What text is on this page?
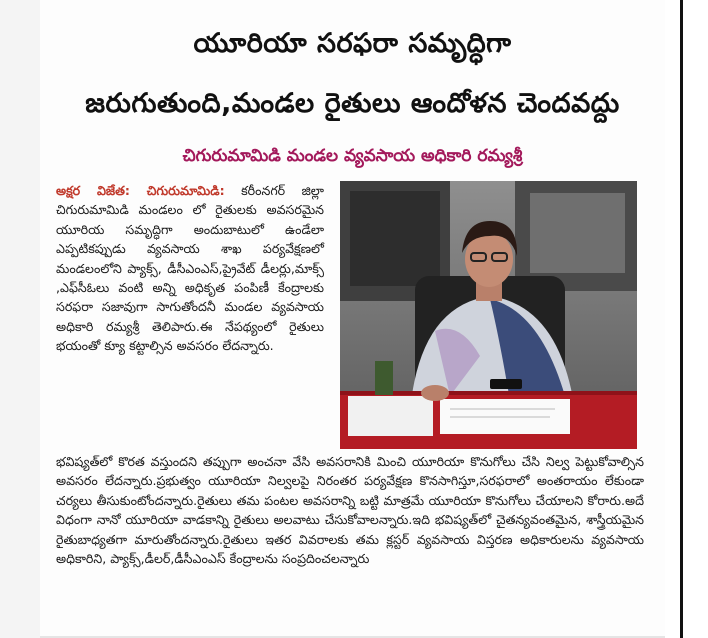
యూరియా సరఫరా సమృద్ధిగా
జరుగుతుంది,మండల రైతులు ఆందోళన చెందవద్దు
చిగురుమామిడి మండల వ్యవసాయ అధికారి రమ్యశ్రీ
అక్షర విజేత: చిగురుమామిడి: కరీంనగర్ జిల్లా చిగురుమామిడి మండలం లో రైతులకు అవసరమైన యూరియ సమృద్ధిగా అందుబాటులో ఉండేలా ఎప్పటికప్పుడు వ్యవసాయ శాఖ పర్యవేక్షణలో మండలంలోని ప్యాక్స్, డీసీఎంఎస్,ప్రైవేట్ డీలర్లు,మాక్స్ ,ఎఫ్‌సీఓలు వంటి అన్ని అధికృత పంపిణీ కేంద్రాలకు సరఫరా సజావుగా సాగుతోందనీ మండల వ్యవసాయ అధికారి రమ్యశ్రీ తెలిపారు.ఈ నేపథ్యంలో రైతులు భయంతో క్యూ కట్టాల్సిన అవసరం లేదన్నారు.
భవిష్యత్‌లో కొరత వస్తుందని తప్పుగా అంచనా వేసి అవసరానికి మించి యూరియా కొనుగోలు చేసి నిల్వ పెట్టుకోవాల్సిన అవసరం లేదన్నారు.ప్రభుత్వం యూరియా నిల్వలపై నిరంతర పర్యవేక్షణ కొనసాగిస్తూ,సరఫరాలో అంతరాయం లేకుండా చర్యలు తీసుకుంటోందన్నారు.రైతులు తమ పంటల అవసరాన్ని బట్టి మాత్రమే యూరియా కొనుగోలు చేయాలని కోరారు.అదే విధంగా నానో యూరియా వాడకాన్ని రైతులు అలవాటు చేసుకోవాలన్నారు.ఇది భవిష్యత్‌లో చైతన్యవంతమైన, శాస్త్రీయమైన రైతుబాధ్యతగా మారుతోందన్నారు.రైతులు ఇతర వివరాలకు తమ క్లస్టర్ వ్యవసాయ విస్తరణ అధికారులను వ్యవసాయ అధికారిని, ప్యాక్స్,డీలర్,డీసీఎంఎస్ కేంద్రాలను సంప్రదించలన్నారు
